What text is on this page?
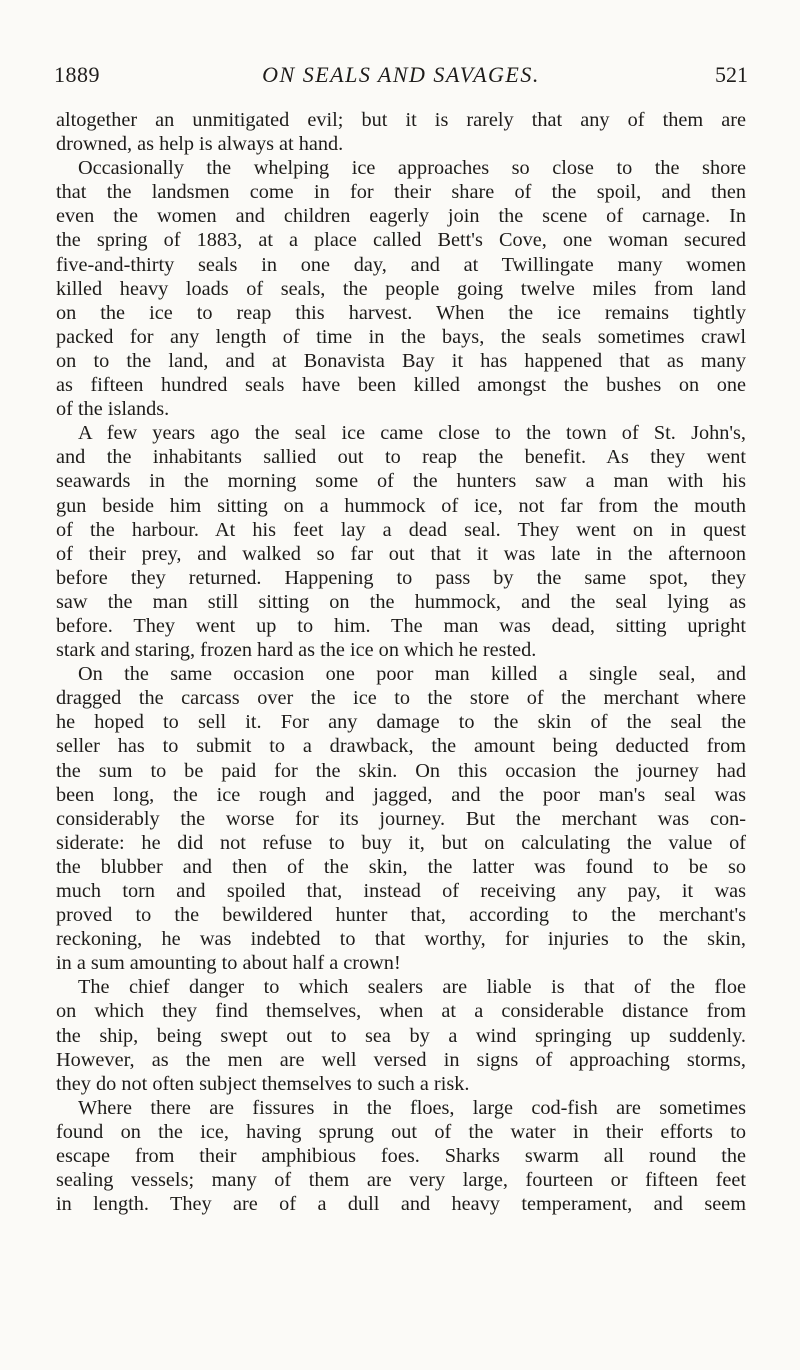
1889	ON SEALS AND SAVAGES.	521
altogether an unmitigated evil; but it is rarely that any of them are
drowned, as help is always at hand.
Occasionally the whelping ice approaches so close to the shore
that the landsmen come in for their share of the spoil, and then
even the women and children eagerly join the scene of carnage. In
the spring of 1883, at a place called Bett's Cove, one woman secured
five-and-thirty seals in one day, and at Twillingate many women
killed heavy loads of seals, the people going twelve miles from land
on the ice to reap this harvest. When the ice remains tightly
packed for any length of time in the bays, the seals sometimes crawl
on to the land, and at Bonavista Bay it has happened that as many
as fifteen hundred seals have been killed amongst the bushes on one
of the islands.
A few years ago the seal ice came close to the town of St. John's,
and the inhabitants sallied out to reap the benefit. As they went
seawards in the morning some of the hunters saw a man with his
gun beside him sitting on a hummock of ice, not far from the mouth
of the harbour. At his feet lay a dead seal. They went on in quest
of their prey, and walked so far out that it was late in the afternoon
before they returned. Happening to pass by the same spot, they
saw the man still sitting on the hummock, and the seal lying as
before. They went up to him. The man was dead, sitting upright
stark and staring, frozen hard as the ice on which he rested.
On the same occasion one poor man killed a single seal, and
dragged the carcass over the ice to the store of the merchant where
he hoped to sell it. For any damage to the skin of the seal the
seller has to submit to a drawback, the amount being deducted from
the sum to be paid for the skin. On this occasion the journey had
been long, the ice rough and jagged, and the poor man's seal was
considerably the worse for its journey. But the merchant was con-
siderate: he did not refuse to buy it, but on calculating the value of
the blubber and then of the skin, the latter was found to be so
much torn and spoiled that, instead of receiving any pay, it was
proved to the bewildered hunter that, according to the merchant's
reckoning, he was indebted to that worthy, for injuries to the skin,
in a sum amounting to about half a crown!
The chief danger to which sealers are liable is that of the floe
on which they find themselves, when at a considerable distance from
the ship, being swept out to sea by a wind springing up suddenly.
However, as the men are well versed in signs of approaching storms,
they do not often subject themselves to such a risk.
Where there are fissures in the floes, large cod-fish are sometimes
found on the ice, having sprung out of the water in their efforts to
escape from their amphibious foes. Sharks swarm all round the
sealing vessels; many of them are very large, fourteen or fifteen feet
in length. They are of a dull and heavy temperament, and seem
